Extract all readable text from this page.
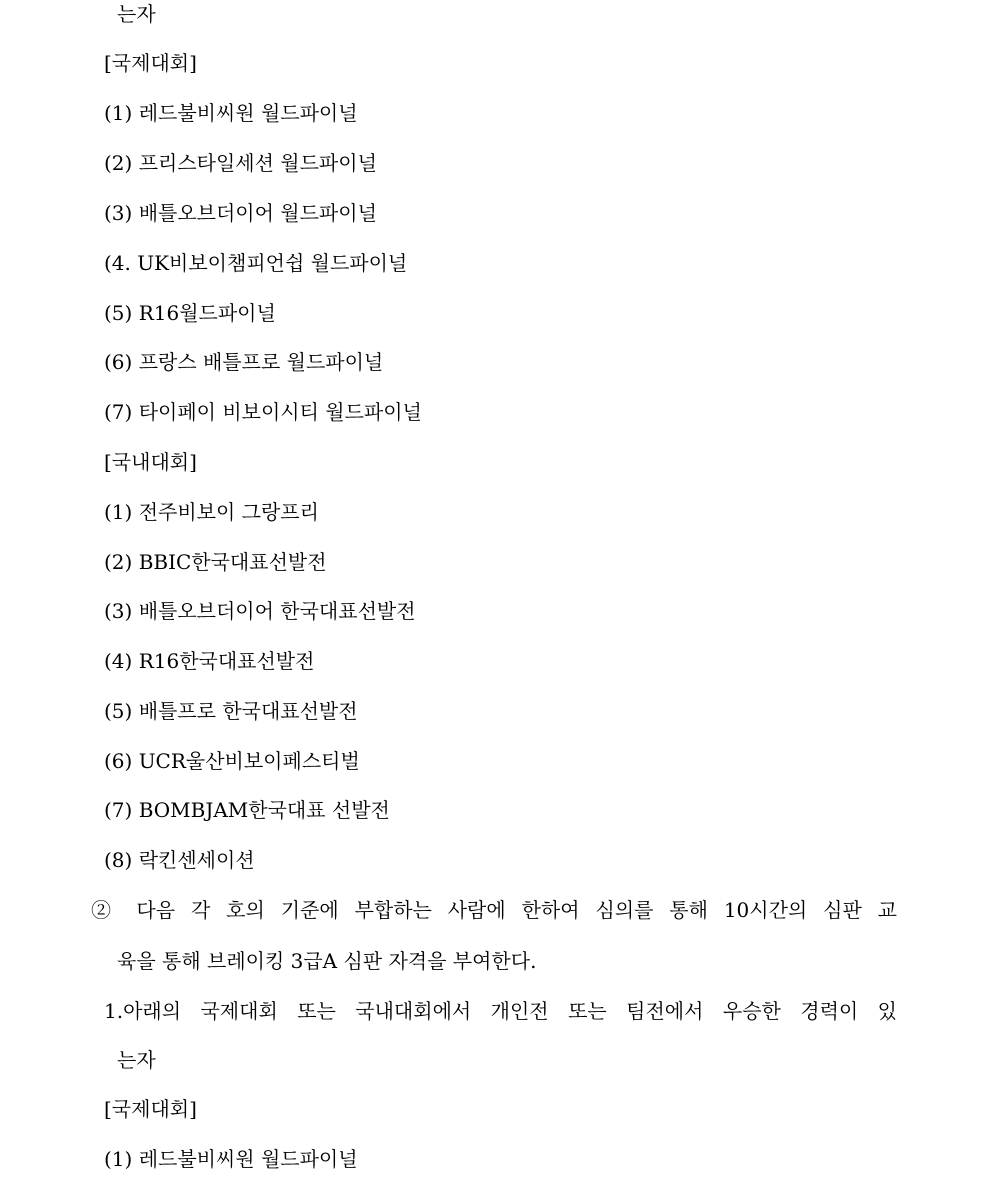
는자
[국제대회]
(1) 레드불비씨원 월드파이널
(2) 프리스타일세션 월드파이널
(3) 배틀오브더이어 월드파이널
(4. UK비보이챔피언쉽 월드파이널
(5) R16월드파이널
(6) 프랑스 배틀프로 월드파이널
(7) 타이페이 비보이시티 월드파이널
[국내대회]
(1) 전주비보이 그랑프리
(2) BBIC한국대표선발전
(3) 배틀오브더이어 한국대표선발전
(4) R16한국대표선발전
(5) 배틀프로 한국대표선발전
(6) UCR울산비보이페스티벌
(7) BOMBJAM한국대표 선발전
(8) 락킨센세이션
② 다음 각 호의 기준에 부합하는 사람에 한하여 심의를 통해 10시간의 심판 교
육을 통해 브레이킹 3급A 심판 자격을 부여한다.
1.아래의 국제대회 또는 국내대회에서 개인전 또는 팀전에서 우승한 경력이 있
는자
[국제대회]
(1) 레드불비씨원 월드파이널
